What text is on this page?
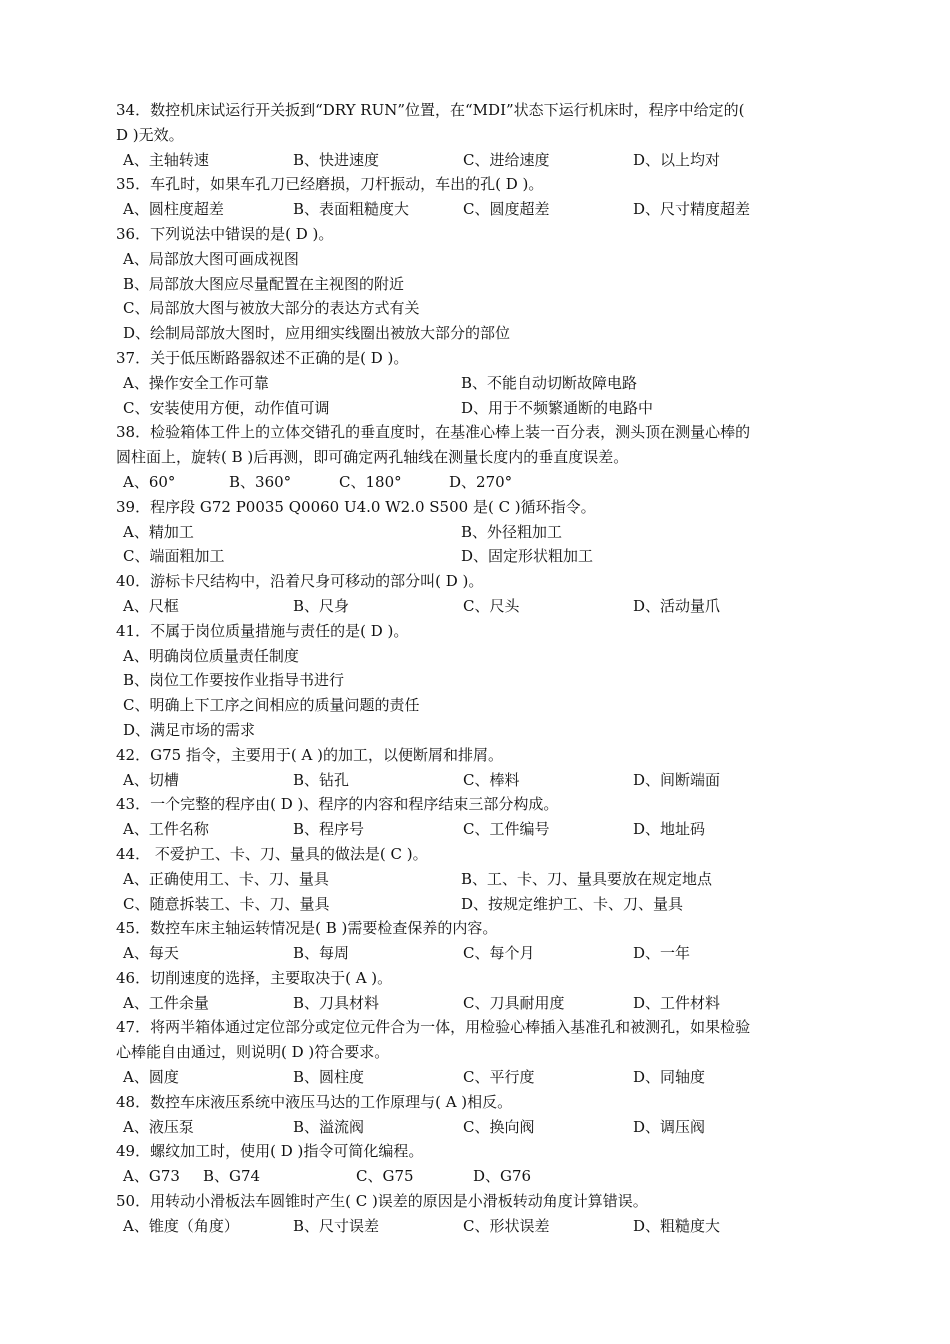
34．数控机床试运行开关扳到“DRY RUN”位置，在“MDI”状态下运行机床时，程序中给定的(
D )无效。
A、主轴转速	B、快进速度	C、进给速度	D、以上均对
35．车孔时，如果车孔刀已经磨损，刀杆振动，车出的孔( D )。
A、圆柱度超差	B、表面粗糙度大	C、圆度超差	D、尺寸精度超差
36．下列说法中错误的是( D )。
A、局部放大图可画成视图
B、局部放大图应尽量配置在主视图的附近
C、局部放大图与被放大部分的表达方式有关
D、绘制局部放大图时，应用细实线圈出被放大部分的部位
37．关于低压断路器叙述不正确的是( D )。
A、操作安全工作可靠	B、不能自动切断故障电路
C、安装使用方便，动作值可调	D、用于不频繁通断的电路中
38．检验箱体工件上的立体交错孔的垂直度时，在基准心棒上装一百分表，测头顶在测量心棒的
圆柱面上，旋转( B )后再测，即可确定两孔轴线在测量长度内的垂直度误差。
A、60°	B、360°	C、180°	D、270°
39．程序段 G72 P0035 Q0060 U4.0 W2.0 S500 是( C )循环指令。
A、精加工	B、外径粗加工
C、端面粗加工	D、固定形状粗加工
40．游标卡尺结构中，沿着尺身可移动的部分叫( D )。
A、尺框	B、尺身	C、尺头	D、活动量爪
41．不属于岗位质量措施与责任的是( D )。
A、明确岗位质量责任制度
B、岗位工作要按作业指导书进行
C、明确上下工序之间相应的质量问题的责任
D、满足市场的需求
42．G75 指令，主要用于( A )的加工，以便断屑和排屑。
A、切槽	B、钻孔	C、棒料	D、间断端面
43．一个完整的程序由( D )、程序的内容和程序结束三部分构成。
A、工件名称	B、程序号	C、工件编号	D、地址码
44． 不爱护工、卡、刀、量具的做法是( C )。
A、正确使用工、卡、刀、量具	B、工、卡、刀、量具要放在规定地点
C、随意拆装工、卡、刀、量具	D、按规定维护工、卡、刀、量具
45．数控车床主轴运转情况是( B )需要检查保养的内容。
A、每天	B、每周	C、每个月	D、一年
46．切削速度的选择，主要取决于( A )。
A、工件余量	B、刀具材料	C、刀具耐用度	D、工件材料
47．将两半箱体通过定位部分或定位元件合为一体，用检验心棒插入基准孔和被测孔，如果检验
心棒能自由通过，则说明( D )符合要求。
A、圆度	B、圆柱度	C、平行度	D、同轴度
48．数控车床液压系统中液压马达的工作原理与( A )相反。
A、液压泵	B、溢流阀	C、换向阀	D、调压阀
49．螺纹加工时，使用( D )指令可简化编程。
A、G73 B、G74	C、G75	D、G76
50．用转动小滑板法车圆锥时产生( C )误差的原因是小滑板转动角度计算错误。
A、锥度（角度）	B、尺寸误差	C、形状误差	D、粗糙度大
